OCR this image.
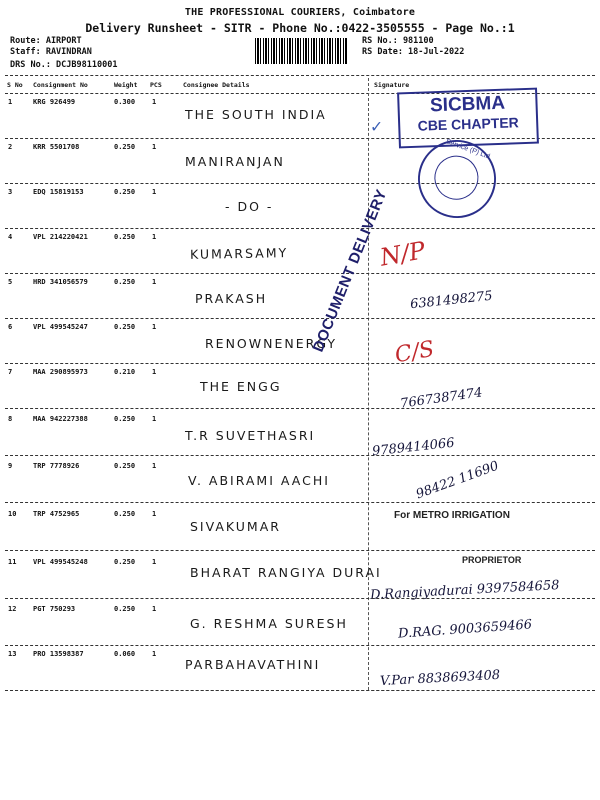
THE PROFESSIONAL COURIERS, Coimbatore
Delivery Runsheet - SITR - Phone No.:0422-3505555 - Page No.:1
Route: AIRPORT
Staff: RAVINDRAN
DRS No.: DCJB98110001
RS No.: 981100
RS Date: 18-Jul-2022
S No Consignment No	Weight PCS	Consignee Details	Signature
1	KRG 926499	0.300 1
THE SOUTH INDIA
2	KRR 5501708	0.250 1
MANIRANJAN
3	EDQ 15819153	0.250 1
- DO -
4	VPL 214220421	0.250 1
KUMARSAMY
5	HRD 341056579	0.250 1
PRAKASH	6381498275
6	VPL 499545247	0.250 1
RENOWNENERGY
7	MAA 290895973	0.210 1
THE ENGG	7667387474
8	MAA 942227388	0.250 1
T.R SUVETHASRI
9789414066
9	TRP 7778926	0.250 1
V. ABIRAMI AACHI	98422 11690
10 TRP 4752965	0.250 1
SIVAKUMAR
11 VPL 499545248	0.250 1
BHARAT RANGIYA DURAI
D.Rangiyadurai 9397584658
12 PGT 750293	0.250 1
G. RESHMA SURESH	D.RAG. 9003659466
13 PRO 13598387	0.060 1
PARBAHAVATHINI
V.Par 8838693408
SICBMA
CBE CHAPTER
✓
Service (P) Ltd
DOCUMENT DELIVERY
N/P
C/S
For METRO IRRIGATION
PROPRIETOR
